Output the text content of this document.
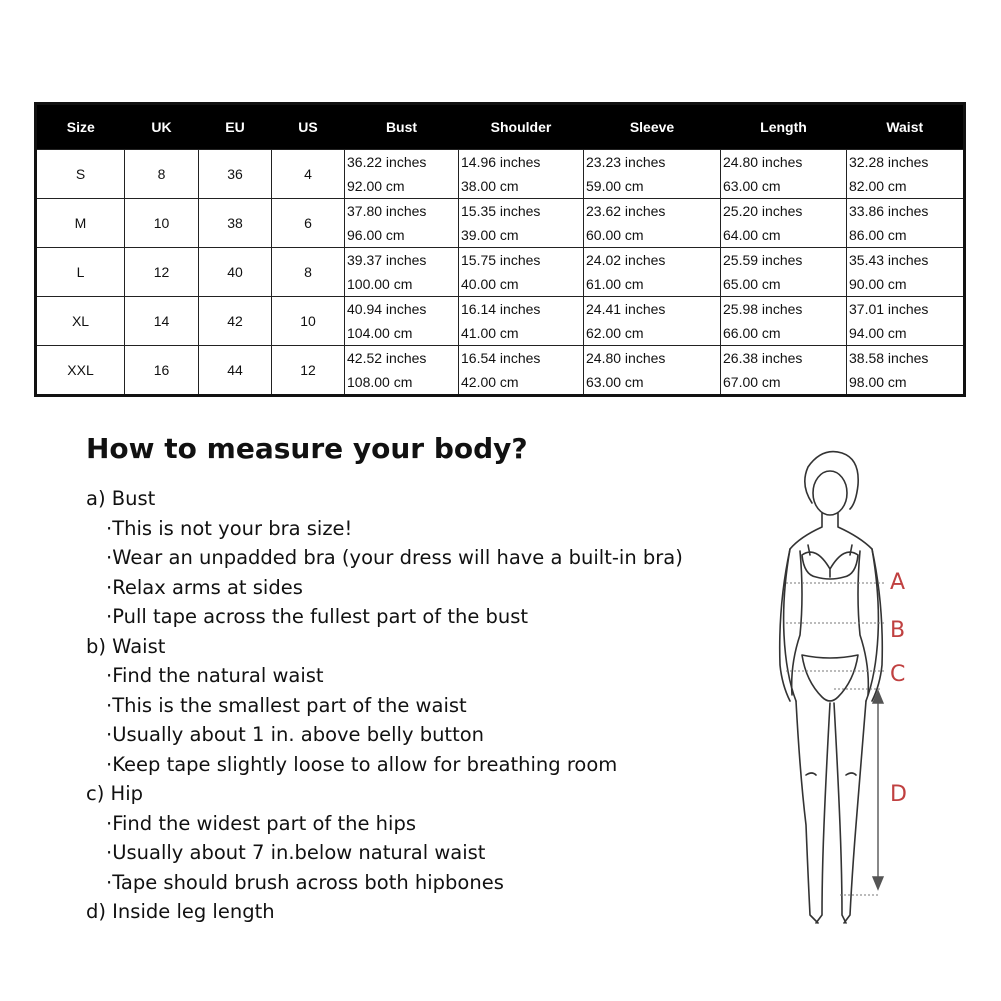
Size	UK	EU	US	Bust	Shoulder	Sleeve	Length	Waist
S	8	36	4	36.22 inches	14.96 inches	23.23 inches	24.80 inches	32.28 inches
				92.00 cm	38.00 cm	59.00 cm	63.00 cm	82.00 cm
M	10	38	6	37.80 inches	15.35 inches	23.62 inches	25.20 inches	33.86 inches
				96.00 cm	39.00 cm	60.00 cm	64.00 cm	86.00 cm
L	12	40	8	39.37 inches	15.75 inches	24.02 inches	25.59 inches	35.43 inches
				100.00 cm	40.00 cm	61.00 cm	65.00 cm	90.00 cm
XL	14	42	10	40.94 inches	16.14 inches	24.41 inches	25.98 inches	37.01 inches
				104.00 cm	41.00 cm	62.00 cm	66.00 cm	94.00 cm
XXL	16	44	12	42.52 inches	16.54 inches	24.80 inches	26.38 inches	38.58 inches
				108.00 cm	42.00 cm	63.00 cm	67.00 cm	98.00 cm
How to measure your body?
a) Bust
·This is not your bra size!
·Wear an unpadded bra (your dress will have a built-in bra)
·Relax arms at sides
·Pull tape across the fullest part of the bust
b) Waist
·Find the natural waist
·This is the smallest part of the waist
·Usually about 1 in. above belly button
·Keep tape slightly loose to allow for breathing room
c) Hip
·Find the widest part of the hips
·Usually about 7 in.below natural waist
·Tape should brush across both hipbones
d) Inside leg length
A
B
C
D
